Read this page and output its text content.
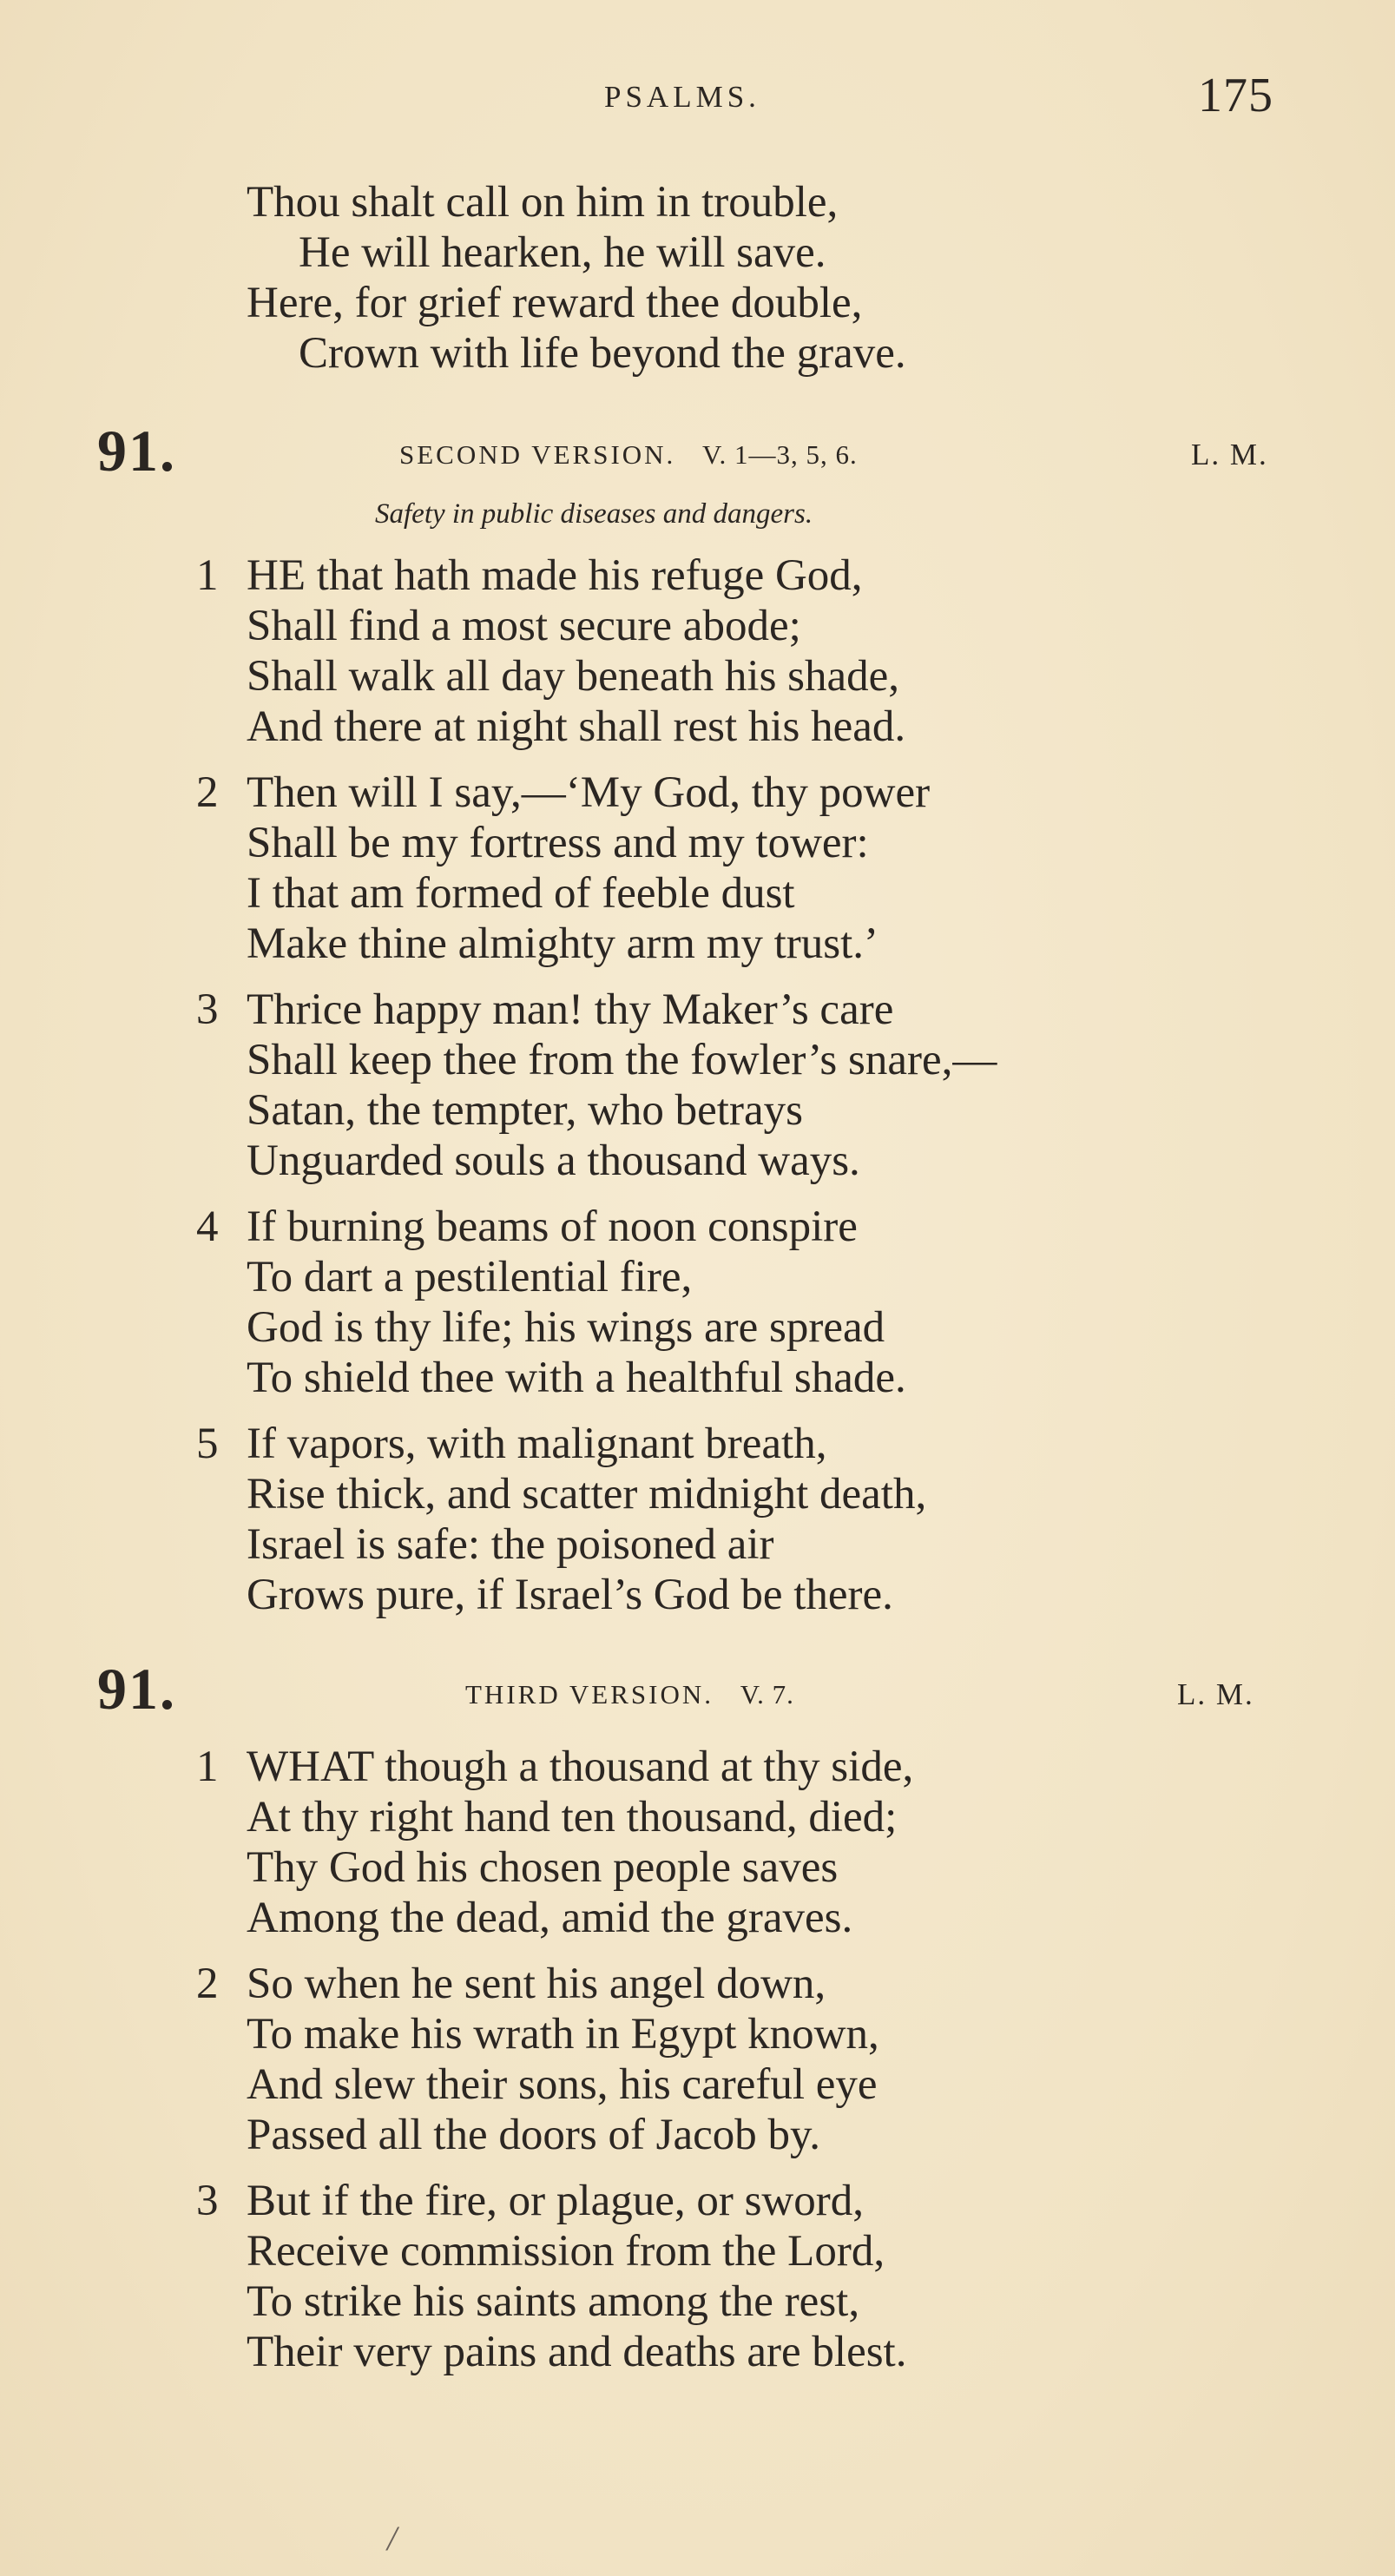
PSALMS.	175
Thou shalt call on him in trouble,
He will hearken, he will save.
Here, for grief reward thee double,
Crown with life beyond the grave.
91.	SECOND VERSION. V. 1—3, 5, 6.	L. M.
Safety in public diseases and dangers.
1 HE that hath made his refuge God,
Shall find a most secure abode;
Shall walk all day beneath his shade,
And there at night shall rest his head.
2 Then will I say,—‘My God, thy power
Shall be my fortress and my tower:
I that am formed of feeble dust
Make thine almighty arm my trust.’
3 Thrice happy man! thy Maker’s care
Shall keep thee from the fowler’s snare,—
Satan, the tempter, who betrays
Unguarded souls a thousand ways.
4 If burning beams of noon conspire
To dart a pestilential fire,
God is thy life; his wings are spread
To shield thee with a healthful shade.
5 If vapors, with malignant breath,
Rise thick, and scatter midnight death,
Israel is safe: the poisoned air
Grows pure, if Israel’s God be there.
91.	THIRD VERSION. V. 7.	L. M.
1 WHAT though a thousand at thy side,
At thy right hand ten thousand, died;
Thy God his chosen people saves
Among the dead, amid the graves.
2 So when he sent his angel down,
To make his wrath in Egypt known,
And slew their sons, his careful eye
Passed all the doors of Jacob by.
3 But if the fire, or plague, or sword,
Receive commission from the Lord,
To strike his saints among the rest,
Their very pains and deaths are blest.
/
